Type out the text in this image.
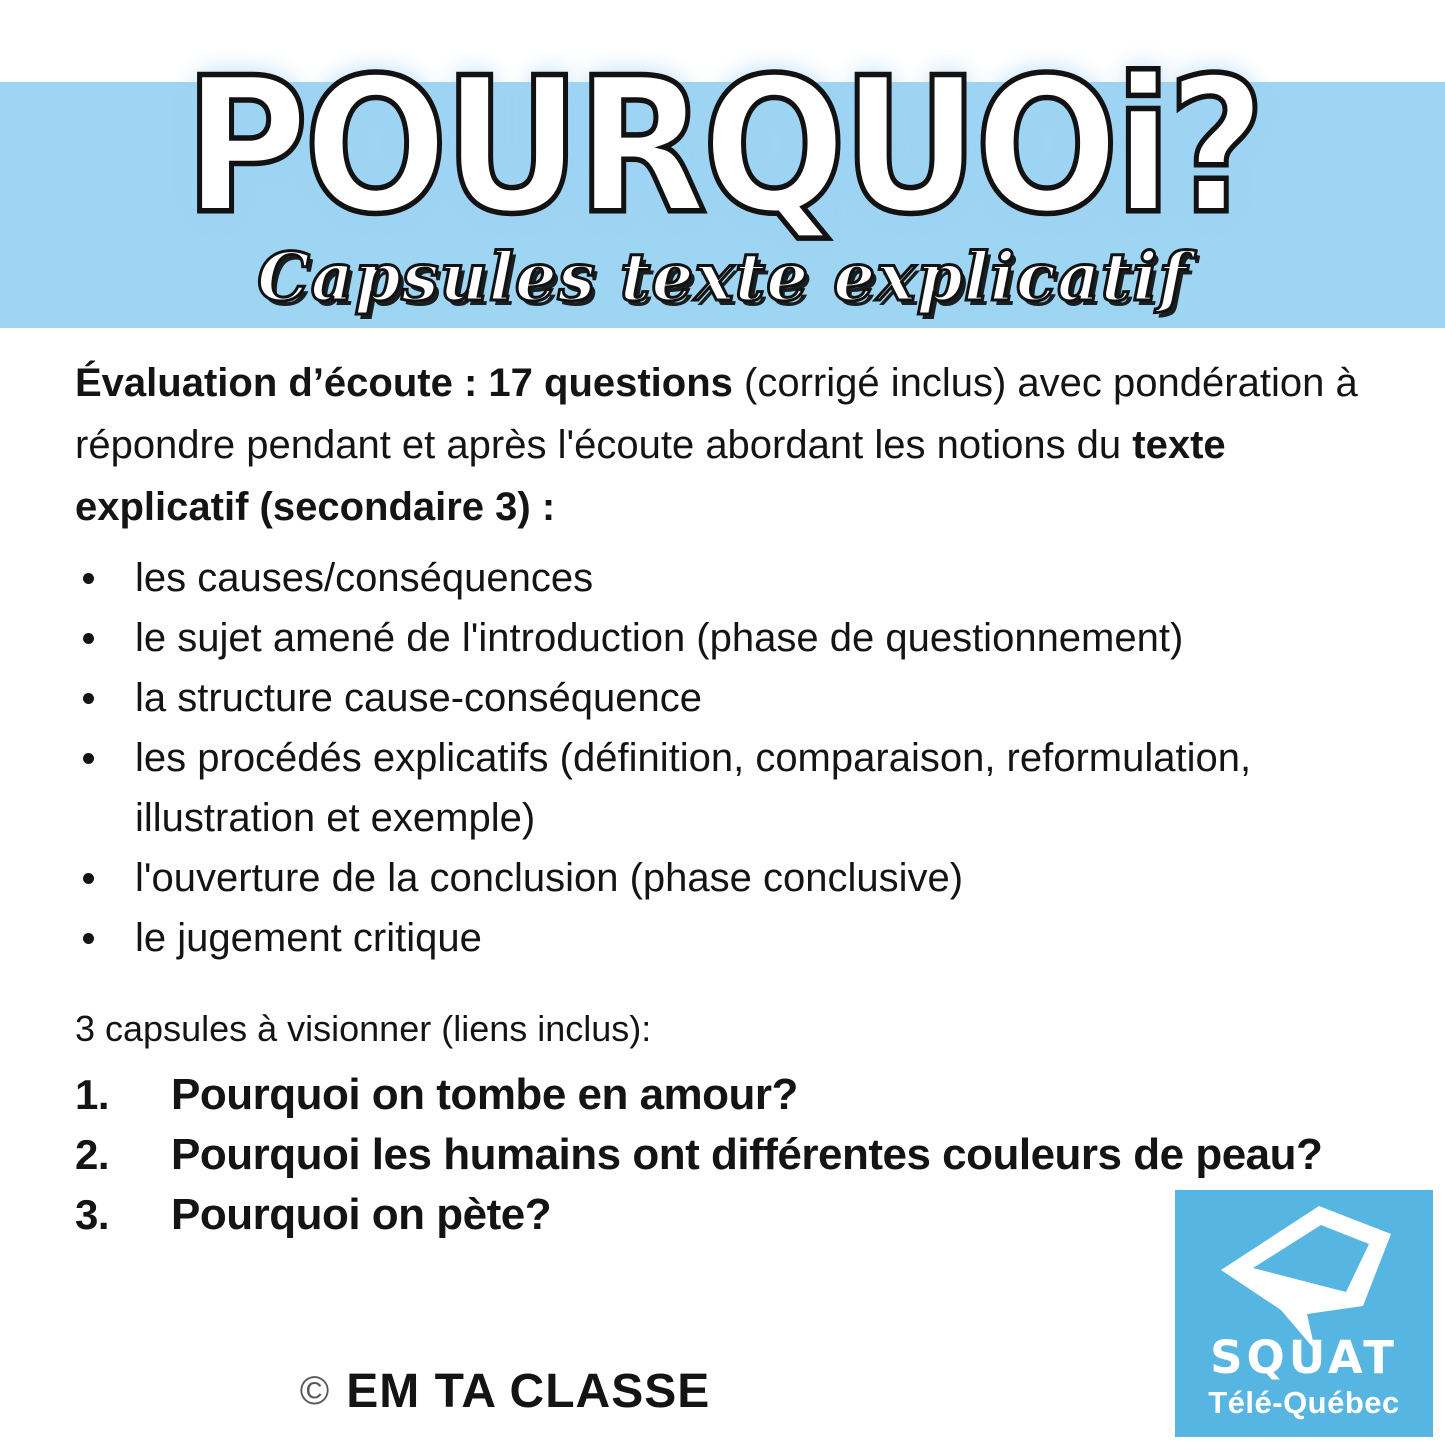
POURQUOi?
Capsules texte explicatif

Évaluation d’écoute : 17 questions (corrigé inclus) avec pondération à répondre pendant et après l'écoute abordant les notions du texte explicatif (secondaire 3) :

les causes/conséquences
le sujet amené de l'introduction (phase de questionnement)
la structure cause-conséquence
les procédés explicatifs (définition, comparaison, reformulation, illustration et exemple)
l'ouverture de la conclusion (phase conclusive)
le jugement critique
3 capsules à visionner (liens inclus):
1.	Pourquoi on tombe en amour?
2.	Pourquoi les humains ont différentes couleurs de peau?
3.	Pourquoi on pète?
SQUAT
Télé-Québec
© EM TA CLASSE
